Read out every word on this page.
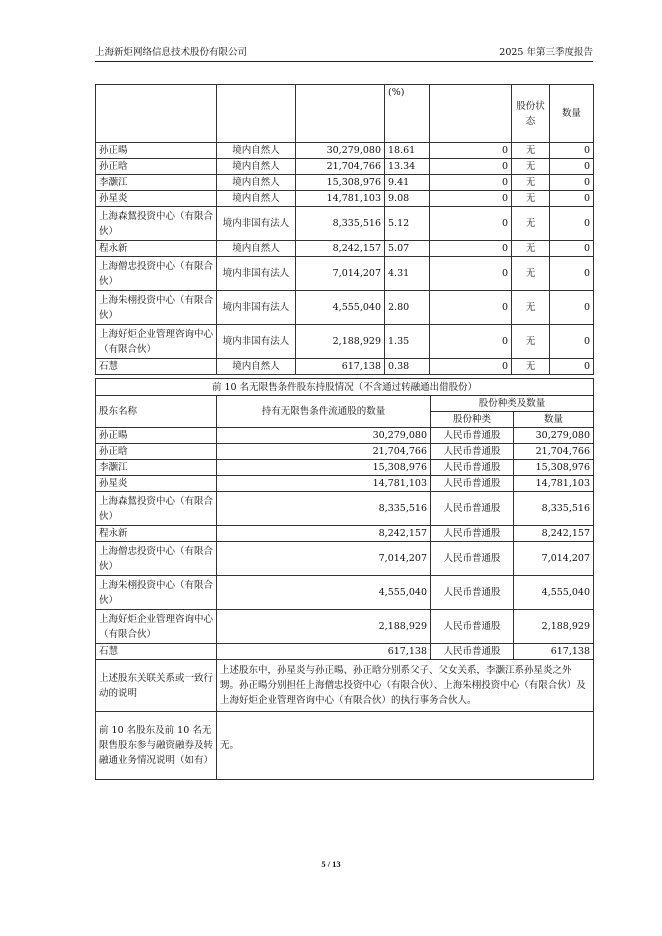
上海新炬网络信息技术股份有限公司	2025 年第三季度报告
			(%)		股份状态	数量
孙正暘	境内自然人	30,279,080	18.61	0	无	0
孙正晗	境内自然人	21,704,766	13.34	0	无	0
李灏江	境内自然人	15,308,976	9.41	0	无	0
孙星炎	境内自然人	14,781,103	9.08	0	无	0
上海森鵟投资中心（有限合伙）	境内非国有法人	8,335,516	5.12	0	无	0
程永新	境内自然人	8,242,157	5.07	0	无	0
上海僧忠投资中心（有限合伙）	境内非国有法人	7,014,207	4.31	0	无	0
上海朱栩投资中心（有限合伙）	境内非国有法人	4,555,040	2.80	0	无	0
上海好炬企业管理咨询中心（有限合伙）	境内非国有法人	2,188,929	1.35	0	无	0
石慧	境内自然人	617,138	0.38	0	无	0
前 10 名无限售条件股东持股情况（不含通过转融通出借股份）			
股东名称	持有无限售条件流通股的数量	股份种类及数量	
		股份种类	数量
孙正暘	30,279,080	人民币普通股	30,279,080
孙正晗	21,704,766	人民币普通股	21,704,766
李灏江	15,308,976	人民币普通股	15,308,976
孙星炎	14,781,103	人民币普通股	14,781,103
上海森鵟投资中心（有限合伙）	8,335,516	人民币普通股	8,335,516
程永新	8,242,157	人民币普通股	8,242,157
上海僧忠投资中心（有限合伙）	7,014,207	人民币普通股	7,014,207
上海朱栩投资中心（有限合伙）	4,555,040	人民币普通股	4,555,040
上海好炬企业管理咨询中心（有限合伙）	2,188,929	人民币普通股	2,188,929
石慧	617,138	人民币普通股	617,138
上述股东关联关系或一致行动的说明	上述股东中，孙星炎与孙正暘、孙正晗分别系父子、父女关系，李灏江系孙星炎之外甥。孙正暘分别担任上海僧忠投资中心（有限合伙）、上海朱栩投资中心（有限合伙）及上海好炬企业管理咨询中心（有限合伙）的执行事务合伙人。		
前 10 名股东及前 10 名无限售股东参与融资融券及转融通业务情况说明（如有）	无。		
5 / 13
